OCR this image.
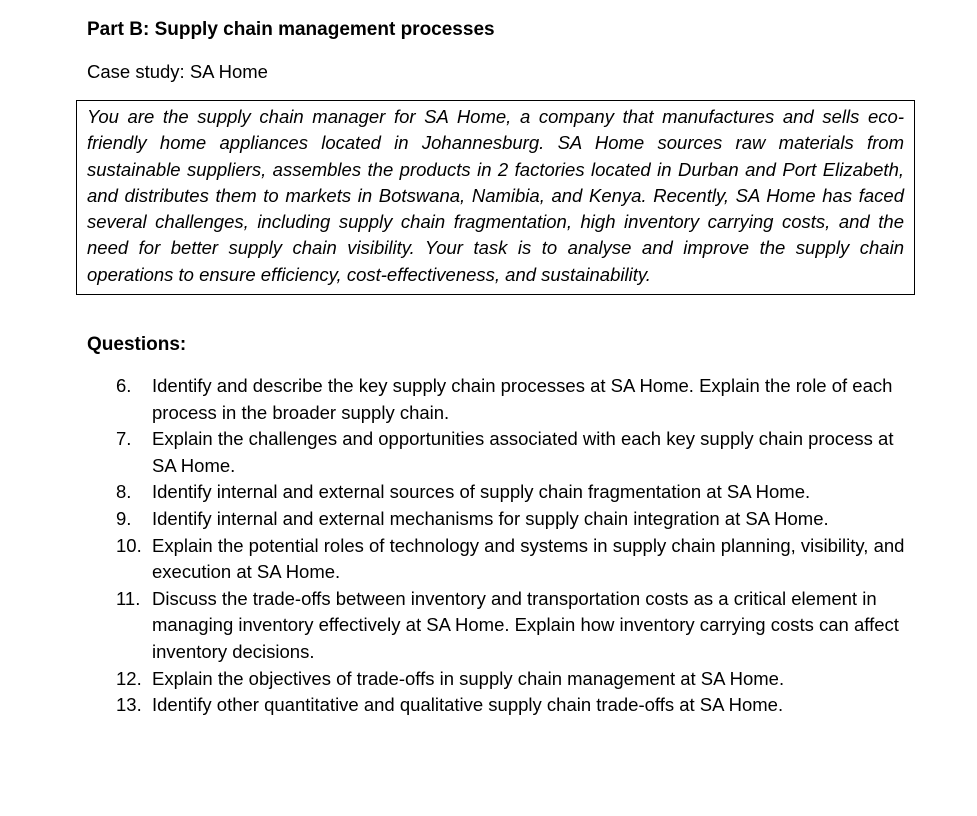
Part B: Supply chain management processes

Case study: SA Home

You are the supply chain manager for SA Home, a company that manufactures and sells eco-friendly home appliances located in Johannesburg. SA Home sources raw materials from sustainable suppliers, assembles the products in 2 factories located in Durban and Port Elizabeth, and distributes them to markets in Botswana, Namibia, and Kenya. Recently, SA Home has faced several challenges, including supply chain fragmentation, high inventory carrying costs, and the need for better supply chain visibility. Your task is to analyse and improve the supply chain operations to ensure efficiency, cost-effectiveness, and sustainability.
Questions:
6.	Identify and describe the key supply chain processes at SA Home. Explain the role of each process in the broader supply chain.
7.	Explain the challenges and opportunities associated with each key supply chain process at SA Home.
8.	Identify internal and external sources of supply chain fragmentation at SA Home.
9.	Identify internal and external mechanisms for supply chain integration at SA Home.
10. Explain the potential roles of technology and systems in supply chain planning, visibility, and execution at SA Home.
11. Discuss the trade-offs between inventory and transportation costs as a critical element in managing inventory effectively at SA Home. Explain how inventory carrying costs can affect inventory decisions.
12. Explain the objectives of trade-offs in supply chain management at SA Home.
13. Identify other quantitative and qualitative supply chain trade-offs at SA Home.
